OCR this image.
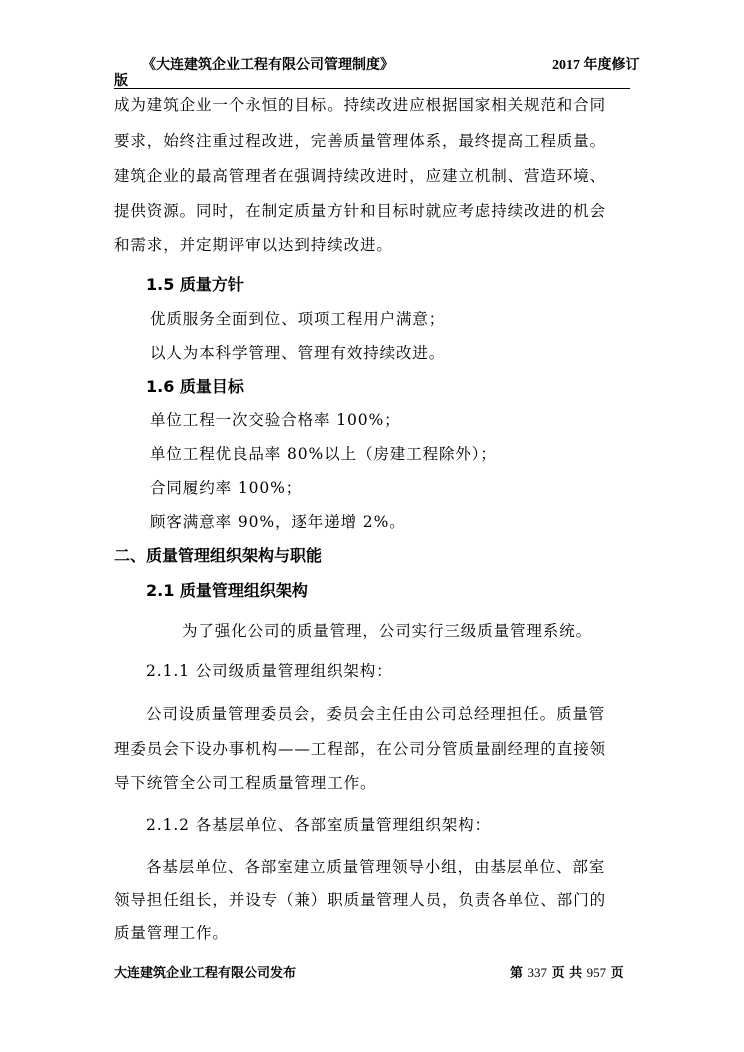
《大连建筑企业工程有限公司管理制度》	2017 年度修订
版
成为建筑企业一个永恒的目标。持续改进应根据国家相关规范和合同
要求，始终注重过程改进，完善质量管理体系，最终提高工程质量。
建筑企业的最高管理者在强调持续改进时，应建立机制、营造环境、
提供资源。同时，在制定质量方针和目标时就应考虑持续改进的机会
和需求，并定期评审以达到持续改进。
1.5 质量方针
优质服务全面到位、项项工程用户满意；
以人为本科学管理、管理有效持续改进。
1.6 质量目标
单位工程一次交验合格率 100%；
单位工程优良品率 80%以上（房建工程除外）；
合同履约率 100%；
顾客满意率 90%，逐年递增 2%。
二、质量管理组织架构与职能
2.1 质量管理组织架构
为了强化公司的质量管理，公司实行三级质量管理系统。
2.1.1 公司级质量管理组织架构：
公司设质量管理委员会，委员会主任由公司总经理担任。质量管
理委员会下设办事机构——工程部，在公司分管质量副经理的直接领
导下统管全公司工程质量管理工作。
2.1.2 各基层单位、各部室质量管理组织架构：
各基层单位、各部室建立质量管理领导小组，由基层单位、部室
领导担任组长，并设专（兼）职质量管理人员，负责各单位、部门的
质量管理工作。
大连建筑企业工程有限公司发布	第 337 页 共 957 页
